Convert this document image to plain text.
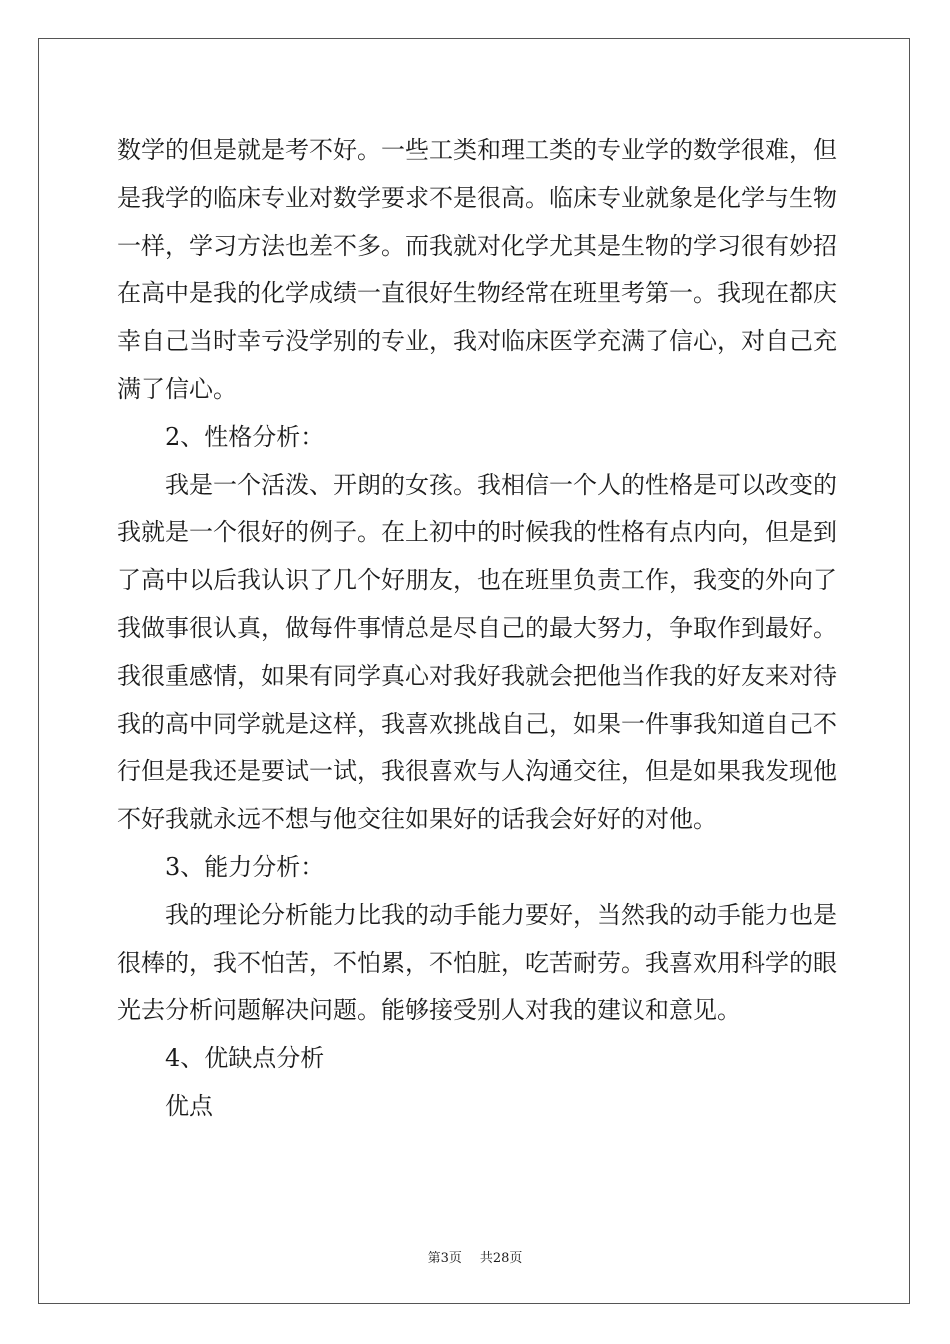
数学的但是就是考不好。一些工类和理工类的专业学的数学很难，但
是我学的临床专业对数学要求不是很高。临床专业就象是化学与生物
一样，学习方法也差不多。而我就对化学尤其是生物的学习很有妙招
在高中是我的化学成绩一直很好生物经常在班里考第一。我现在都庆
幸自己当时幸亏没学别的专业，我对临床医学充满了信心，对自己充
满了信心。
2、性格分析：
我是一个活泼、开朗的女孩。我相信一个人的性格是可以改变的
我就是一个很好的例子。在上初中的时候我的性格有点内向，但是到
了高中以后我认识了几个好朋友，也在班里负责工作，我变的外向了
我做事很认真，做每件事情总是尽自己的最大努力，争取作到最好。
我很重感情，如果有同学真心对我好我就会把他当作我的好友来对待
我的高中同学就是这样，我喜欢挑战自己，如果一件事我知道自己不
行但是我还是要试一试，我很喜欢与人沟通交往，但是如果我发现他
不好我就永远不想与他交往如果好的话我会好好的对他。
3、能力分析：
我的理论分析能力比我的动手能力要好，当然我的动手能力也是
很棒的，我不怕苦，不怕累，不怕脏，吃苦耐劳。我喜欢用科学的眼
光去分析问题解决问题。能够接受别人对我的建议和意见。
4、优缺点分析
优点
第3页 共28页
